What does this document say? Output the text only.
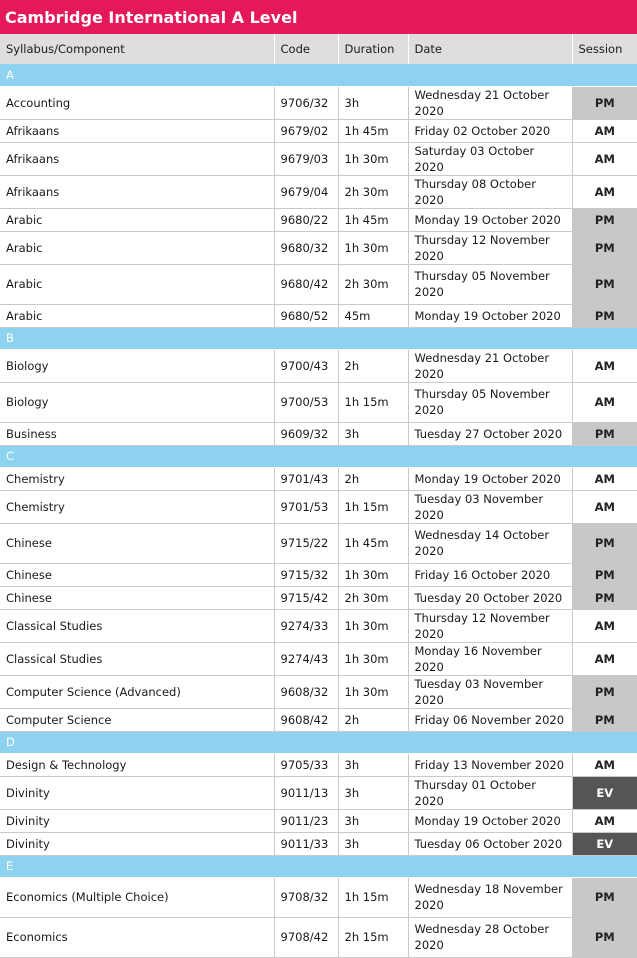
Cambridge International A Level
Syllabus/Component	Code	Duration	Date	Session
A				
Accounting	9706/32	3h	Wednesday 21 October 2020	PM
Afrikaans	9679/02	1h 45m	Friday 02 October 2020	AM
Afrikaans	9679/03	1h 30m	Saturday 03 October 2020	AM
Afrikaans	9679/04	2h 30m	Thursday 08 October 2020	AM
Arabic	9680/22	1h 45m	Monday 19 October 2020	PM
Arabic	9680/32	1h 30m	Thursday 12 November 2020	PM
Arabic	9680/42	2h 30m	Thursday 05 November 2020	PM
Arabic	9680/52	45m	Monday 19 October 2020	PM
B				
Biology	9700/43	2h	Wednesday 21 October 2020	AM
Biology	9700/53	1h 15m	Thursday 05 November 2020	AM
Business	9609/32	3h	Tuesday 27 October 2020	PM
C				
Chemistry	9701/43	2h	Monday 19 October 2020	AM
Chemistry	9701/53	1h 15m	Tuesday 03 November 2020	AM
Chinese	9715/22	1h 45m	Wednesday 14 October 2020	PM
Chinese	9715/32	1h 30m	Friday 16 October 2020	PM
Chinese	9715/42	2h 30m	Tuesday 20 October 2020	PM
Classical Studies	9274/33	1h 30m	Thursday 12 November 2020	AM
Classical Studies	9274/43	1h 30m	Monday 16 November 2020	AM
Computer Science (Advanced)	9608/32	1h 30m	Tuesday 03 November 2020	PM
Computer Science	9608/42	2h	Friday 06 November 2020	PM
D				
Design & Technology	9705/33	3h	Friday 13 November 2020	AM
Divinity	9011/13	3h	Thursday 01 October 2020	EV
Divinity	9011/23	3h	Monday 19 October 2020	AM
Divinity	9011/33	3h	Tuesday 06 October 2020	EV
E				
Economics (Multiple Choice)	9708/32	1h 15m	Wednesday 18 November 2020	PM
Economics	9708/42	2h 15m	Wednesday 28 October 2020	PM
